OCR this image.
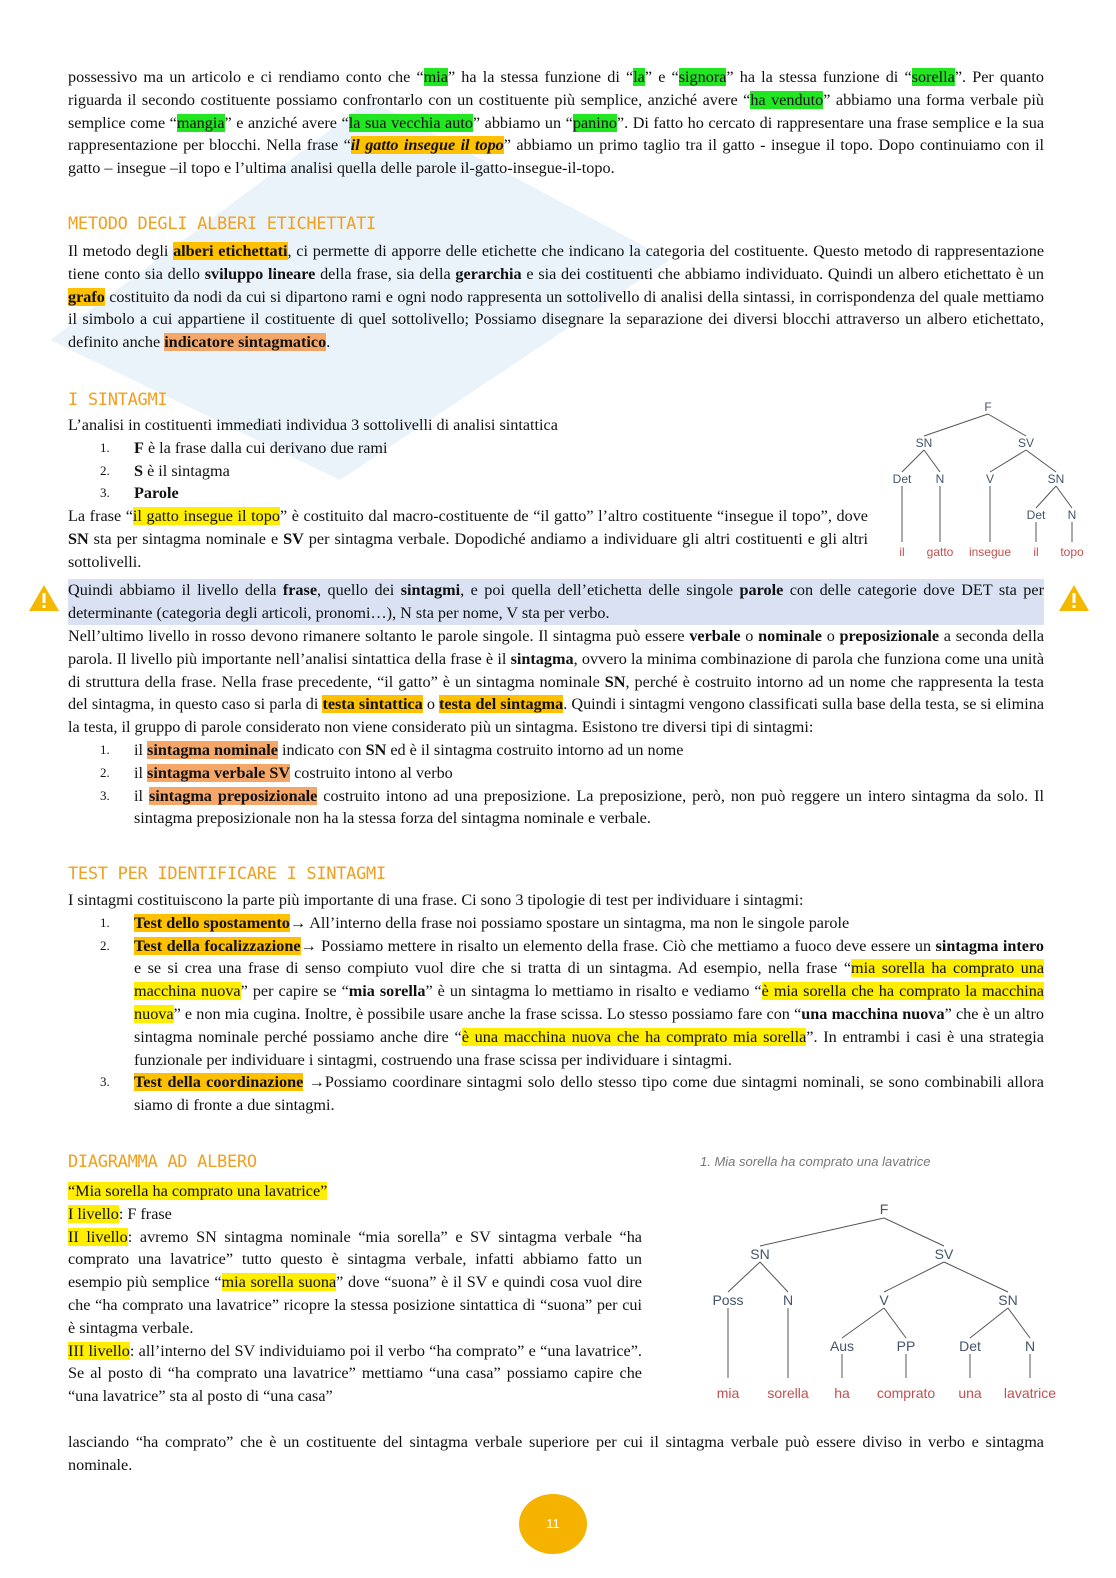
possessivo ma un articolo e ci rendiamo conto che “mia” ha la stessa funzione di “la” e “signora” ha la stessa funzione di “sorella”. Per quanto riguarda il secondo costituente possiamo confrontarlo con un costituente più semplice, anziché avere “ha venduto” abbiamo una forma verbale più semplice come “mangia” e anziché avere “la sua vecchia auto” abbiamo un “panino”. Di fatto ho cercato di rappresentare una frase semplice e la sua rappresentazione per blocchi. Nella frase “il gatto insegue il topo” abbiamo un primo taglio tra il gatto - insegue il topo. Dopo continuiamo con il gatto – insegue –il topo e l’ultima analisi quella delle parole il-gatto-insegue-il-topo.

METODO DEGLI ALBERI ETICHETTATI

Il metodo degli alberi etichettati, ci permette di apporre delle etichette che indicano la categoria del costituente. Questo metodo di rappresentazione tiene conto sia dello sviluppo lineare della frase, sia della gerarchia e sia dei costituenti che abbiamo individuato. Quindi un albero etichettato è un grafo costituito da nodi da cui si dipartono rami e ogni nodo rappresenta un sottolivello di analisi della sintassi, in corrispondenza del quale mettiamo il simbolo a cui appartiene il costituente di quel sottolivello; Possiamo disegnare la separazione dei diversi blocchi attraverso un albero etichettato, definito anche indicatore sintagmatico.

I SINTAGMI

L’analisi in costituenti immediati individua 3 sottolivelli di analisi sintattica

1. F è la frase dalla cui derivano due rami
2. S è il sintagma
3. Parole

La frase “il gatto insegue il topo” è costituito dal macro-costituente de “il gatto” l’altro costituente “insegue il topo”, dove SN sta per sintagma nominale e SV per sintagma verbale. Dopodiché andiamo a individuare gli altri costituenti e gli altri sottolivelli.

F
SN	SV
Det N	V	SN
Det N
il gatto insegue il topo

Quindi abbiamo il livello della frase, quello dei sintagmi, e poi quella dell’etichetta delle singole parole con delle categorie dove DET sta per determinante (categoria degli articoli, pronomi…), N sta per nome, V sta per verbo.

Nell’ultimo livello in rosso devono rimanere soltanto le parole singole. Il sintagma può essere verbale o nominale o preposizionale a seconda della parola. Il livello più importante nell’analisi sintattica della frase è il sintagma, ovvero la minima combinazione di parola che funziona come una unità di struttura della frase. Nella frase precedente, “il gatto” è un sintagma nominale SN, perché è costruito intorno ad un nome che rappresenta la testa del sintagma, in questo caso si parla di testa sintattica o testa del sintagma. Quindi i sintagmi vengono classificati sulla base della testa, se si elimina la testa, il gruppo di parole considerato non viene considerato più un sintagma. Esistono tre diversi tipi di sintagmi:

1. il sintagma nominale indicato con SN ed è il sintagma costruito intorno ad un nome
2. il sintagma verbale SV costruito intono al verbo
3. il sintagma preposizionale costruito intono ad una preposizione. La preposizione, però, non può reggere un intero sintagma da solo. Il sintagma preposizionale non ha la stessa forza del sintagma nominale e verbale.
TEST PER IDENTIFICARE I SINTAGMI

I sintagmi costituiscono la parte più importante di una frase. Ci sono 3 tipologie di test per individuare i sintagmi:

1. Test dello spostamento→ All’interno della frase noi possiamo spostare un sintagma, ma non le singole parole
2. Test della focalizzazione→ Possiamo mettere in risalto un elemento della frase. Ciò che mettiamo a fuoco deve essere un sintagma intero e se si crea una frase di senso compiuto vuol dire che si tratta di un sintagma. Ad esempio, nella frase “mia sorella ha comprato una macchina nuova” per capire se “mia sorella” è un sintagma lo mettiamo in risalto e vediamo “è mia sorella che ha comprato la macchina nuova” e non mia cugina. Inoltre, è possibile usare anche la frase scissa. Lo stesso possiamo fare con “una macchina nuova” che è un altro sintagma nominale perché possiamo anche dire “è una macchina nuova che ha comprato mia sorella”. In entrambi i casi è una strategia funzionale per individuare i sintagmi, costruendo una frase scissa per individuare i sintagmi.
3. Test della coordinazione →Possiamo coordinare sintagmi solo dello stesso tipo come due sintagmi nominali, se sono combinabili allora siamo di fronte a due sintagmi.
DIAGRAMMA AD ALBERO	1. Mia sorella ha comprato una lavatrice

“Mia sorella ha comprato una lavatrice”

I livello: F frase

II livello: avremo SN sintagma nominale “mia sorella” e SV sintagma verbale “ha comprato una lavatrice” tutto questo è sintagma verbale, infatti abbiamo fatto un esempio più semplice “mia sorella suona” dove “suona” è il SV e quindi cosa vuol dire che “ha comprato una lavatrice” ricopre la stessa posizione sintattica di “suona” per cui è sintagma verbale.

III livello: all’interno del SV individuiamo poi il verbo “ha comprato” e “una lavatrice”. Se al posto di “ha comprato una lavatrice” mettiamo “una casa” possiamo capire che “una lavatrice” sta al posto di “una casa”

lasciando “ha comprato” che è un costituente del sintagma verbale superiore per cui il sintagma verbale può essere diviso in verbo e sintagma nominale.

F
SN	SV
Poss	N	V	SN
Aus	PP	Det	N
mia sorella ha comprato una lavatrice
11
